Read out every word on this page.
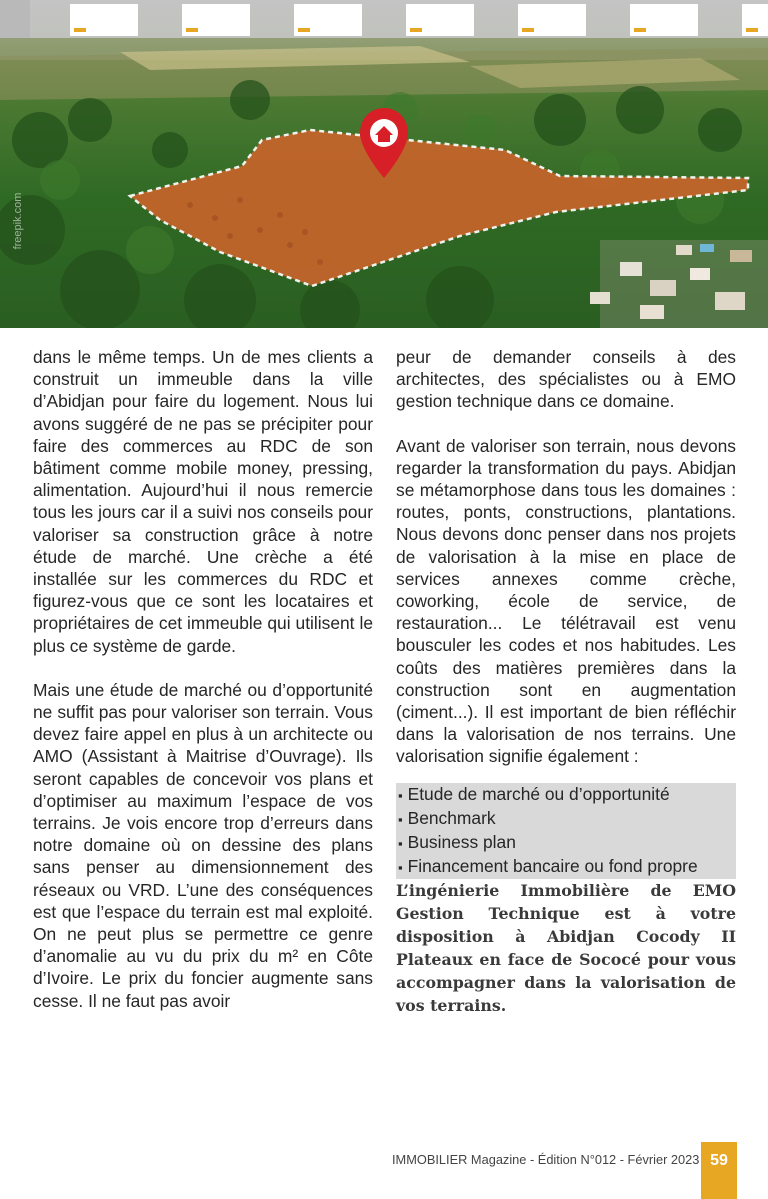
freepik.com

dans le même temps. Un de mes clients a construit un immeuble dans la ville d’Abidjan pour faire du logement. Nous lui avons suggéré de ne pas se précipiter pour faire des commerces au RDC de son bâtiment comme mobile money, pressing, alimentation. Aujourd’hui il nous remercie tous les jours car il a suivi nos conseils pour valoriser sa construction grâce à notre étude de marché. Une crèche a été installée sur les commerces du RDC et figurez-vous que ce sont les locataires et propriétaires de cet immeuble qui utilisent le plus ce système de garde.

Mais une étude de marché ou d’opportunité ne suffit pas pour valoriser son terrain. Vous devez faire appel en plus à un architecte ou AMO (Assistant à Maitrise d’Ouvrage). Ils seront capables de concevoir vos plans et d’optimiser au maximum l’espace de vos terrains. Je vois encore trop d’erreurs dans notre domaine où on dessine des plans sans penser au dimensionnement des réseaux ou VRD. L’une des conséquences est que l’espace du terrain est mal exploité. On ne peut plus se permettre ce genre d’anomalie au vu du prix du m² en Côte d’Ivoire. Le prix du foncier augmente sans cesse. Il ne faut pas avoir

peur de demander conseils à des architectes, des spécialistes ou à EMO gestion technique dans ce domaine.

Avant de valoriser son terrain, nous devons regarder la transformation du pays. Abidjan se métamorphose dans tous les domaines : routes, ponts, constructions, plantations. Nous devons donc penser dans nos projets de valorisation à la mise en place de services annexes comme crèche, coworking, école de service, de restauration... Le télétravail est venu bousculer les codes et nos habitudes. Les coûts des matières premières dans la construction sont en augmentation (ciment...). Il est important de bien réfléchir dans la valorisation de nos terrains. Une valorisation signifie également :

▪ Etude de marché ou d’opportunité
▪ Benchmark
▪ Business plan
▪ Financement bancaire ou fond propre

L’ingénierie Immobilière de EMO Gestion Technique est à votre disposition à Abidjan Cocody II Plateaux en face de Sococé pour vous accompagner dans la valorisation de vos terrains.

IMMOBILIER Magazine - Édition N°012 - Février 2023 59
